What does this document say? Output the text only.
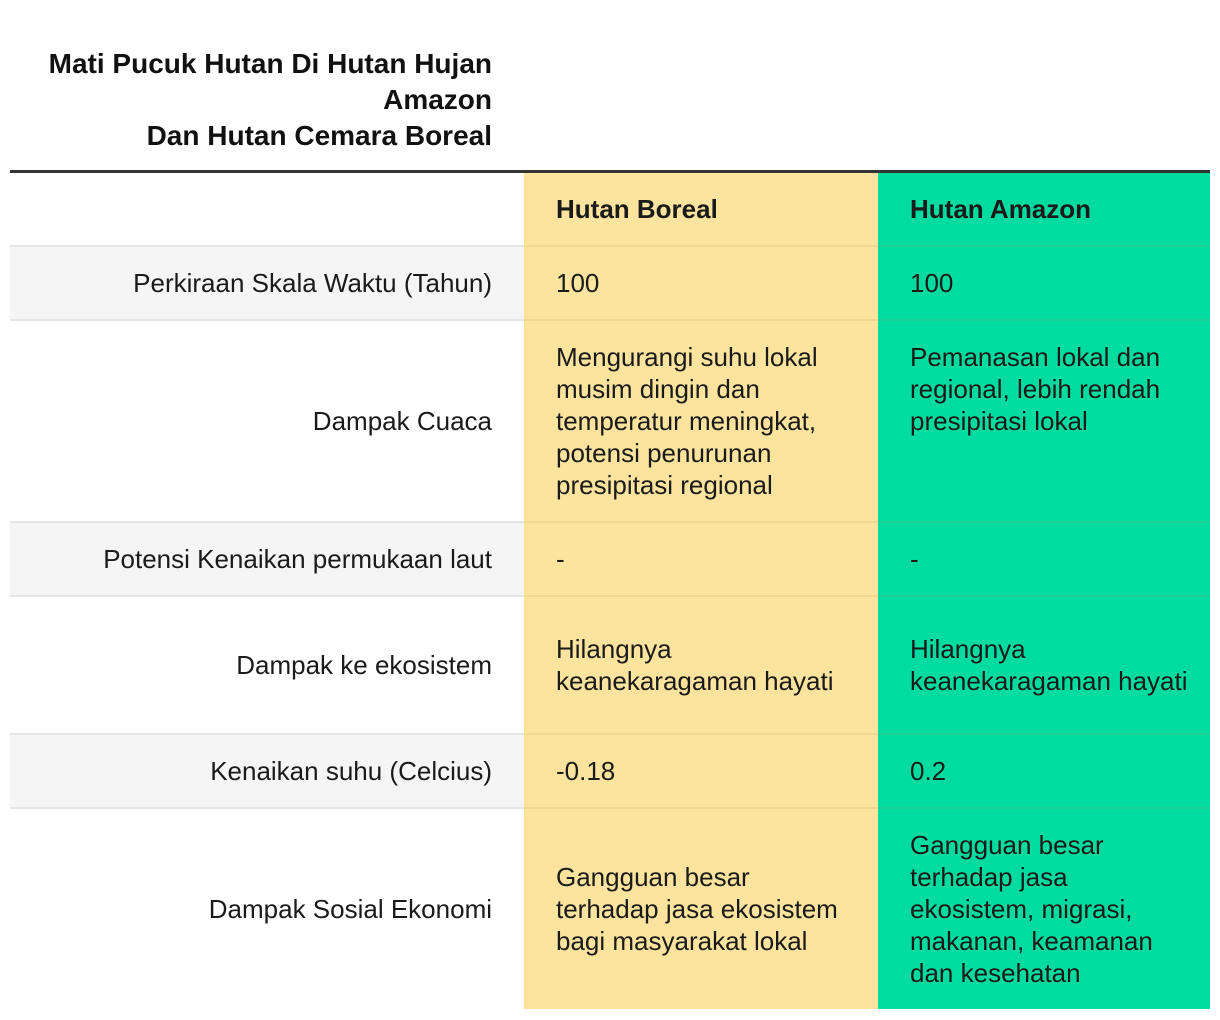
Mati Pucuk Hutan Di Hutan Hujan
Amazon
Dan Hutan Cemara Boreal
	Hutan Boreal	Hutan Amazon
Perkiraan Skala Waktu (Tahun)	100	100
Dampak Cuaca	Mengurangi suhu lokal musim dingin dan temperatur meningkat, potensi penurunan presipitasi regional	Pemanasan lokal dan regional, lebih rendah presipitasi lokal
Potensi Kenaikan permukaan laut	-	-
Dampak ke ekosistem	Hilangnya keanekaragaman hayati	Hilangnya keanekaragaman hayati
Kenaikan suhu (Celcius)	-0.18	0.2
Dampak Sosial Ekonomi	Gangguan besar terhadap jasa ekosistem bagi masyarakat lokal	Gangguan besar terhadap jasa ekosistem, migrasi, makanan, keamanan dan kesehatan
